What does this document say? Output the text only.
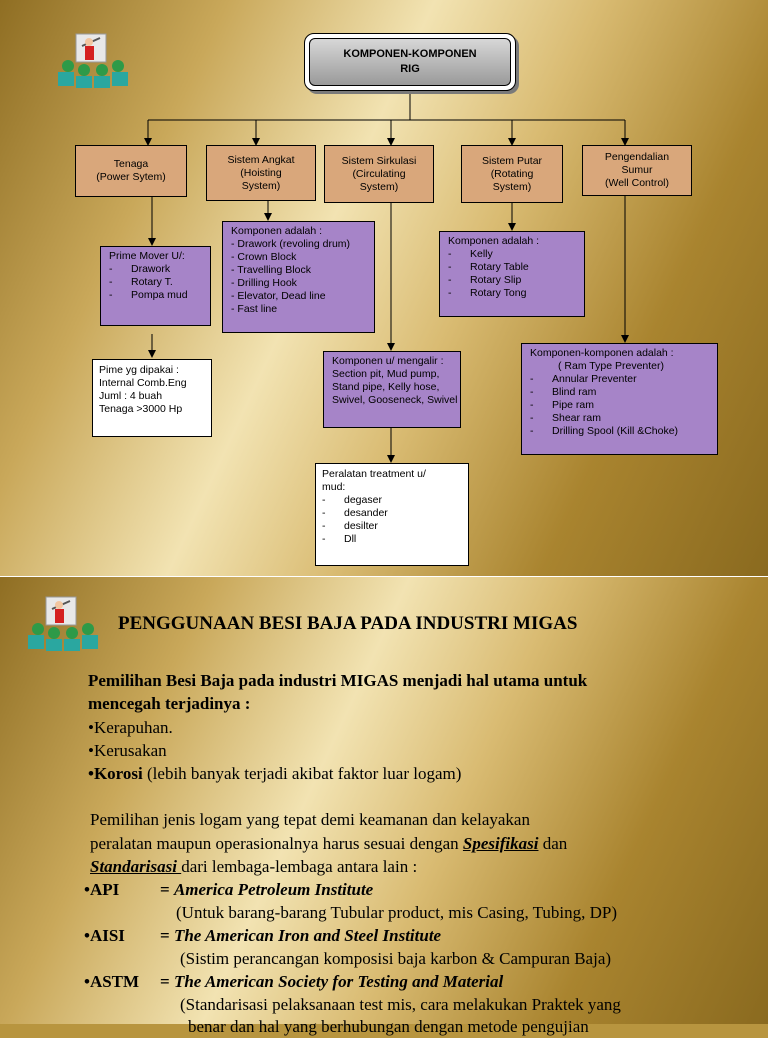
KOMPONEN-KOMPONEN
RIG
Tenaga
(Power Sytem)
Sistem Angkat
(Hoisting
System)
Sistem Sirkulasi
(Circulating
System)
Sistem Putar
(Rotating
System)
Pengendalian
Sumur
(Well Control)
Prime Mover U/:
-	Drawork
-	Rotary T.
-	Pompa mud
Pime yg dipakai :
Internal Comb.Eng
Juml : 4 buah
Tenaga >3000 Hp
Komponen adalah :
- Drawork (revoling drum)
- Crown Block
- Travelling Block
- Drilling Hook
- Elevator, Dead line
- Fast line
Komponen adalah :
-	Kelly
-	Rotary Table
-	Rotary Slip
-	Rotary Tong
Komponen u/ mengalir :
Section pit, Mud pump,
Stand pipe, Kelly hose,
Swivel, Gooseneck, Swivel
Peralatan treatment u/
mud:
-	degaser
-	desander
-	desilter
-	Dll
Komponen-komponen adalah :
( Ram Type Preventer)
-	Annular Preventer
-	Blind ram
-	Pipe ram
-	Shear ram
-	Drilling Spool (Kill &Choke)
PENGGUNAAN BESI BAJA PADA INDUSTRI MIGAS
Pemilihan Besi Baja pada industri MIGAS menjadi hal utama untuk
mencegah terjadinya :
•Kerapuhan.
•Kerusakan
•Korosi (lebih banyak terjadi akibat faktor luar logam)
Pemilihan jenis logam yang tepat demi keamanan dan kelayakan
peralatan maupun operasionalnya harus sesuai dengan Spesifikasi dan
Standarisasi dari lembaga-lembaga antara lain :
•API = America Petroleum Institute
(Untuk barang-barang Tubular product, mis Casing, Tubing, DP)
•AISI = The American Iron and Steel Institute
(Sistim perancangan komposisi baja karbon & Campuran Baja)
•ASTM = The American Society for Testing and Material
(Standarisasi pelaksanaan test mis, cara melakukan Praktek yang
benar dan hal yang berhubungan dengan metode pengujian
